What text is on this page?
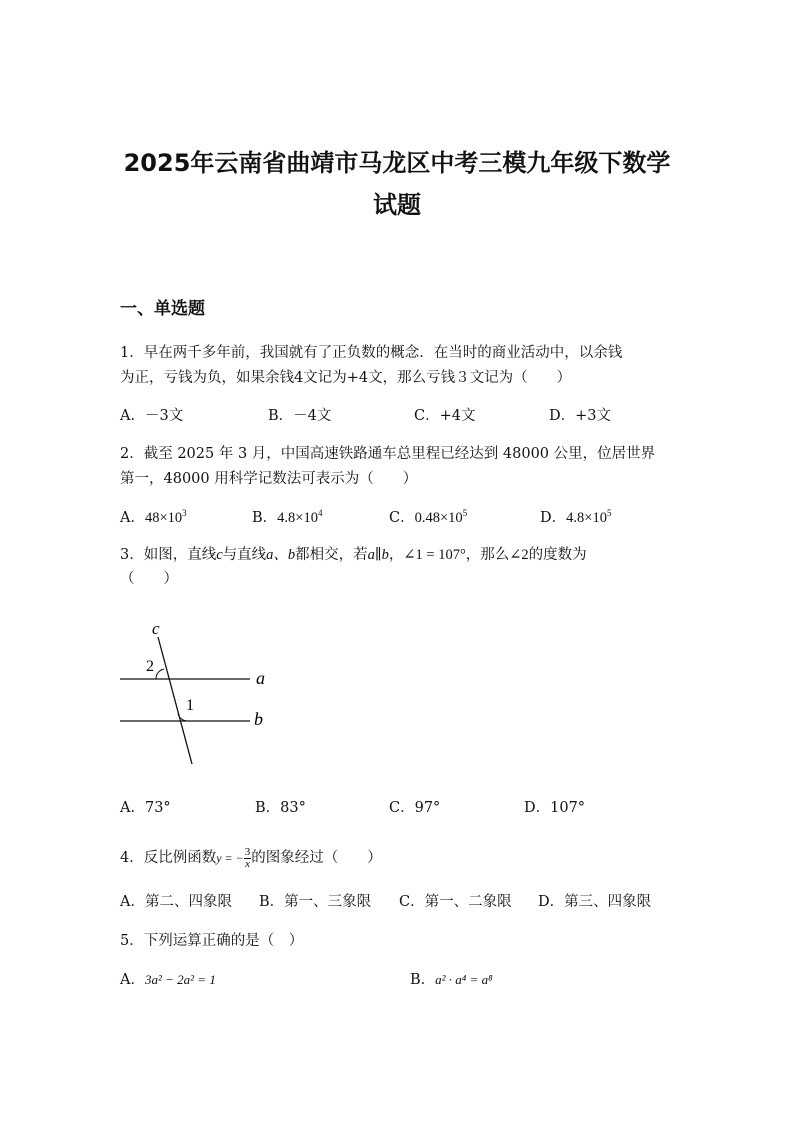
2025年云南省曲靖市马龙区中考三模九年级下数学
试题
一、单选题
1．早在两千多年前，我国就有了正负数的概念．在当时的商业活动中，以余钱
为正，亏钱为负，如果余钱4文记为+4文，那么亏钱３文记为（　　）
A．－3文	B．－4文	C．+4文	D．+3文
2．截至 2025 年 3 月，中国高速铁路通车总里程已经达到 48000 公里，位居世界
第一，48000 用科学记数法可表示为（　　）
A．$48\times 10^3$	B．$4.8\times 10^4$	C．$0.48\times 10^5$	D．$4.8\times 10^5$
3．如图，直线c与直线a、b都相交，若a∥b，∠1 = 107°，那么∠2的度数为
（　　）
c
2
1
a
b
A．73°	B．83°	C．97°	D．107°
4．反比例函数y = − $\frac{3}{x}$ 的图象经过（　　）
A．第二、四象限 B．第一、三象限 C．第一、二象限 D．第三、四象限
5．下列运算正确的是（　）
A．3a² − 2a² = 1	B．a² · a⁴ = a⁸
